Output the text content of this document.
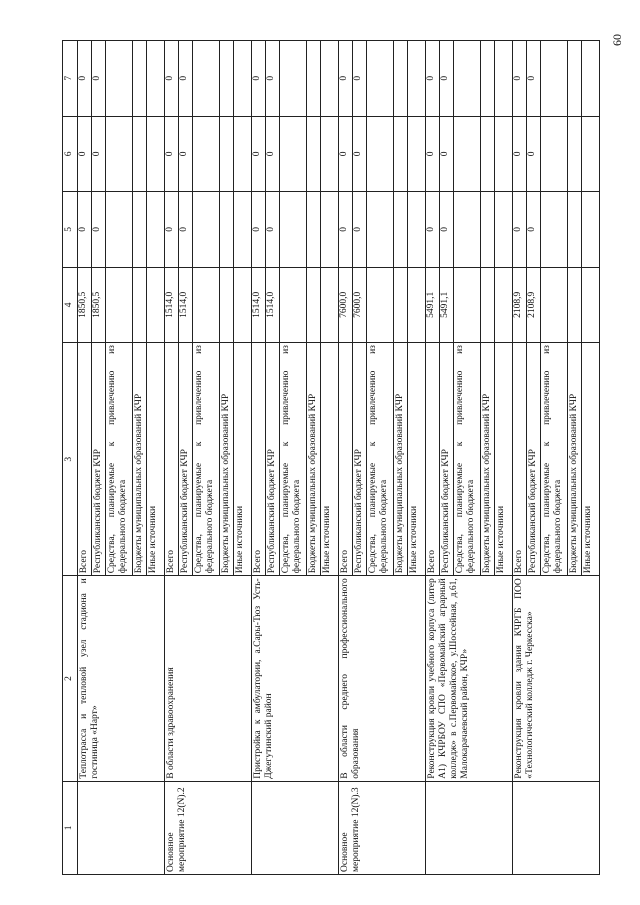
60
1	2	3	4	5	6	7
	Теплотрасса и тепловой узел стадиона и гостиница «Нарт»	Всего	1850,5	0	0	0
		Республиканский бюджет КЧР	1850,5	0	0	0
		Средства, планируемые к привлечению из федерального бюджета				
		Бюджеты муниципальных образований КЧР				
		Иные источники				
Основное мероприятие 12(N).2	В области здравоохранения	Всего	1514,0	0	0	0
		Республиканский бюджет КЧР	1514,0	0	0	0
		Средства, планируемые к привлечению из федерального бюджета				
		Бюджеты муниципальных образований КЧР				
		Иные источники				
	Пристройка к амбулатории, а.Сары-Тюз Усть-Джегутинский район	Всего	1514,0	0	0	0
		Республиканский бюджет КЧР	1514,0	0	0	0
		Средства, планируемые к привлечению из федерального бюджета				
		Бюджеты муниципальных образований КЧР				
		Иные источники				
Основное мероприятие 12(N).3	В области среднего профессионального образования	Всего	7600,0	0	0	0
		Республиканский бюджет КЧР	7600,0	0	0	0
		Средства, планируемые к привлечению из федерального бюджета				
		Бюджеты муниципальных образований КЧР				
		Иные источники				
	Реконструкция кровли учебного корпуса (литер А1) КЧРБОУ СПО «Первомайский аграрный колледж» в с.Первомайское, у.Шоссейная, д.61, Малокарачаевский район, КЧР»	Всего	5491,1	0	0	0
		Республиканский бюджет КЧР	5491,1	0	0	0
		Средства, планируемые к привлечению из федерального бюджета				
		Бюджеты муниципальных образований КЧР				
		Иные источники				
	Реконструкция кровли здания КЧРГБ ПОО «Технологический колледж г. Черкесска»	Всего	2108,9	0	0	0
		Республиканский бюджет КЧР	2108,9	0	0	0
		Средства, планируемые к привлечению из федерального бюджета				
		Бюджеты муниципальных образований КЧР				
		Иные источники				
